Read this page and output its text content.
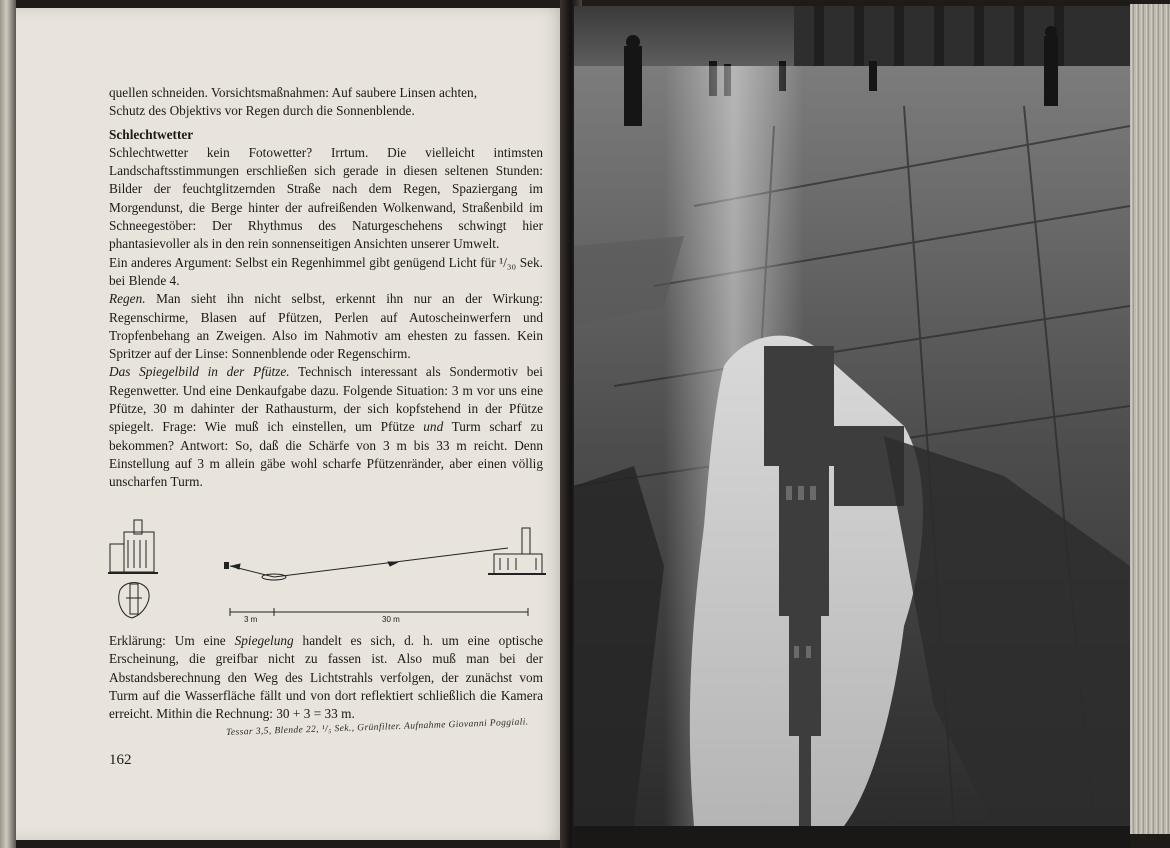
quellen schneiden. Vorsichtsmaßnahmen: Auf saubere Linsen achten,

Schutz des Objektivs vor Regen durch die Sonnenblende.

Schlechtwetter

Schlechtwetter kein Fotowetter? Irrtum. Die vielleicht intimsten Landschaftsstimmungen erschließen sich gerade in diesen seltenen Stunden: Bilder der feuchtglitzernden Straße nach dem Regen, Spaziergang im Morgendunst, die Berge hinter der aufreißenden Wolkenwand, Straßenbild im Schneegestöber: Der Rhythmus des Naturgeschehens schwingt hier phantasievoller als in den rein sonnenseitigen Ansichten unserer Umwelt.

Ein anderes Argument: Selbst ein Regenhimmel gibt genügend Licht für ¹/₃₀ Sek. bei Blende 4.

Regen. Man sieht ihn nicht selbst, erkennt ihn nur an der Wirkung: Regenschirme, Blasen auf Pfützen, Perlen auf Autoscheinwerfern und Tropfenbehang an Zweigen. Also im Nahmotiv am ehesten zu fassen. Kein Spritzer auf der Linse: Sonnenblende oder Regenschirm.

Das Spiegelbild in der Pfütze. Technisch interessant als Sondermotiv bei Regenwetter. Und eine Denkaufgabe dazu. Folgende Situation: 3 m vor uns eine Pfütze, 30 m dahinter der Rathausturm, der sich kopfstehend in der Pfütze spiegelt. Frage: Wie muß ich einstellen, um Pfütze und Turm scharf zu bekommen? Antwort: So, daß die Schärfe von 3 m bis 33 m reicht. Denn Einstellung auf 3 m allein gäbe wohl scharfe Pfützenränder, aber einen völlig unscharfen Turm.

3 m	30 m

Erklärung: Um eine Spiegelung handelt es sich, d. h. um eine optische Erscheinung, die greifbar nicht zu fassen ist. Also muß man bei der Abstandsberechnung den Weg des Lichtstrahls verfolgen, der zunächst vom Turm auf die Wasserfläche fällt und von dort reflektiert schließlich die Kamera erreicht. Mithin die Rechnung: 30 + 3 = 33 m.

Tessar 3,5, Blende 22, ¹/₅ Sek., Grünfilter. Aufnahme Giovanni Poggiali.
162
